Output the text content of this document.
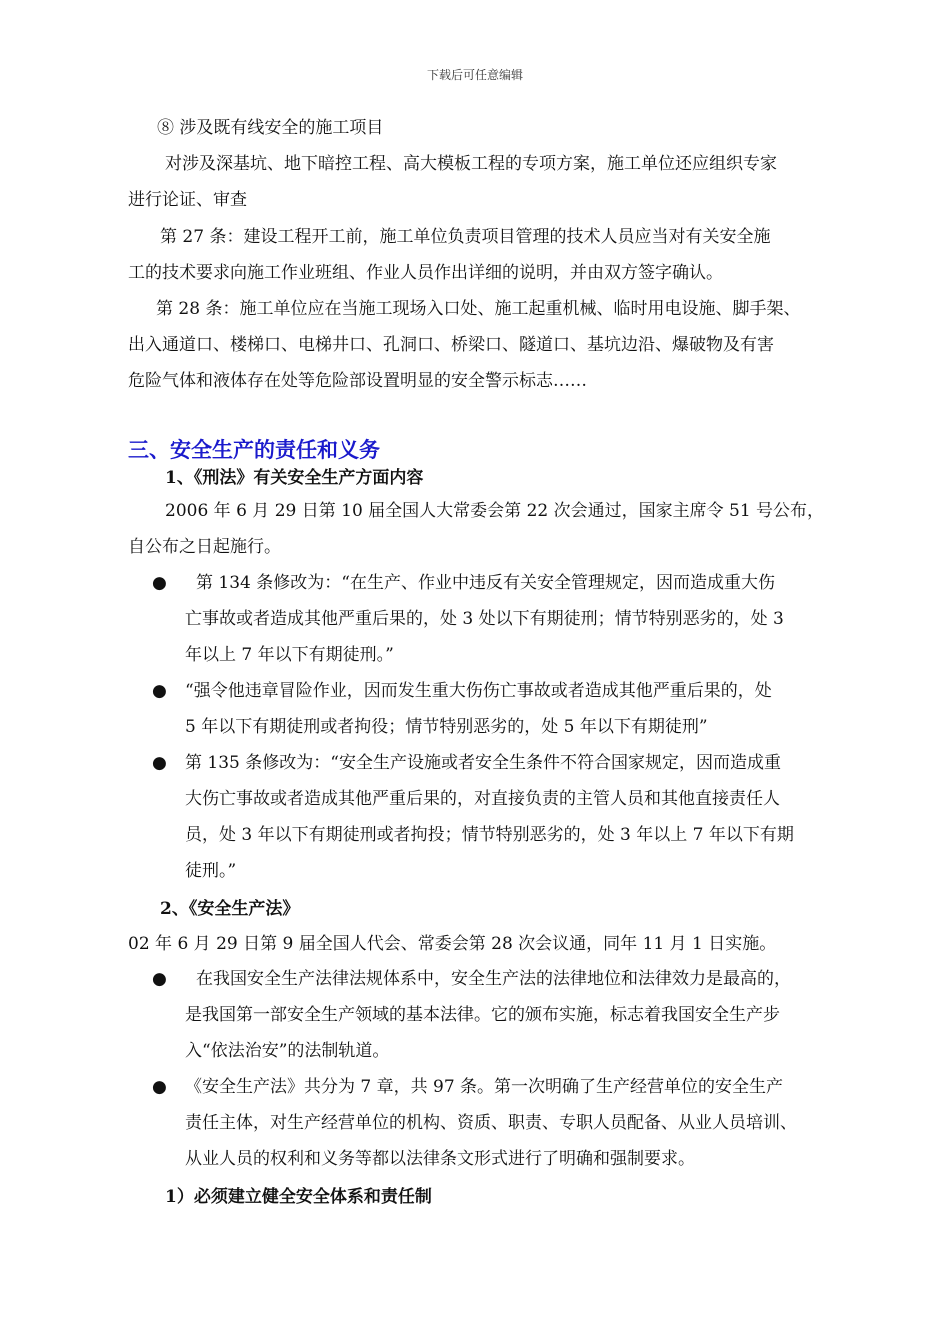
下载后可任意编辑
⑧ 涉及既有线安全的施工项目
对涉及深基坑、地下暗控工程、高大模板工程的专项方案，施工单位还应组织专家
进行论证、审查
第 27 条：建设工程开工前，施工单位负责项目管理的技术人员应当对有关安全施
工的技术要求向施工作业班组、作业人员作出详细的说明，并由双方签字确认。
第 28 条：施工单位应在当施工现场入口处、施工起重机械、临时用电设施、脚手架、
出入通道口、楼梯口、电梯井口、孔洞口、桥梁口、隧道口、基坑边沿、爆破物及有害
危险气体和液体存在处等危险部设置明显的安全警示标志……
三、安全生产的责任和义务
1、《刑法》有关安全生产方面内容
2006 年 6 月 29 日第 10 届全国人大常委会第 22 次会通过，国家主席令 51 号公布，
自公布之日起施行。
● 第 134 条修改为：“在生产、作业中违反有关安全管理规定，因而造成重大伤
亡事故或者造成其他严重后果的，处 3 处以下有期徒刑；情节特别恶劣的，处 3
年以上 7 年以下有期徒刑。”
● “强令他违章冒险作业，因而发生重大伤伤亡事故或者造成其他严重后果的，处
5 年以下有期徒刑或者拘役；情节特别恶劣的，处 5 年以下有期徒刑”
● 第 135 条修改为：“安全生产设施或者安全生条件不符合国家规定，因而造成重
大伤亡事故或者造成其他严重后果的，对直接负责的主管人员和其他直接责任人
员，处 3 年以下有期徒刑或者拘投；情节特别恶劣的，处 3 年以上 7 年以下有期
徒刑。”
2、《安全生产法》
02 年 6 月 29 日第 9 届全国人代会、常委会第 28 次会议通，同年 11 月 1 日实施。
● 在我国安全生产法律法规体系中，安全生产法的法律地位和法律效力是最高的，
是我国第一部安全生产领域的基本法律。它的颁布实施，标志着我国安全生产步
入“依法治安”的法制轨道。
● 《安全生产法》共分为 7 章，共 97 条。第一次明确了生产经营单位的安全生产
责任主体，对生产经营单位的机构、资质、职责、专职人员配备、从业人员培训、
从业人员的权利和义务等都以法律条文形式进行了明确和强制要求。
1）必须建立健全安全体系和责任制
